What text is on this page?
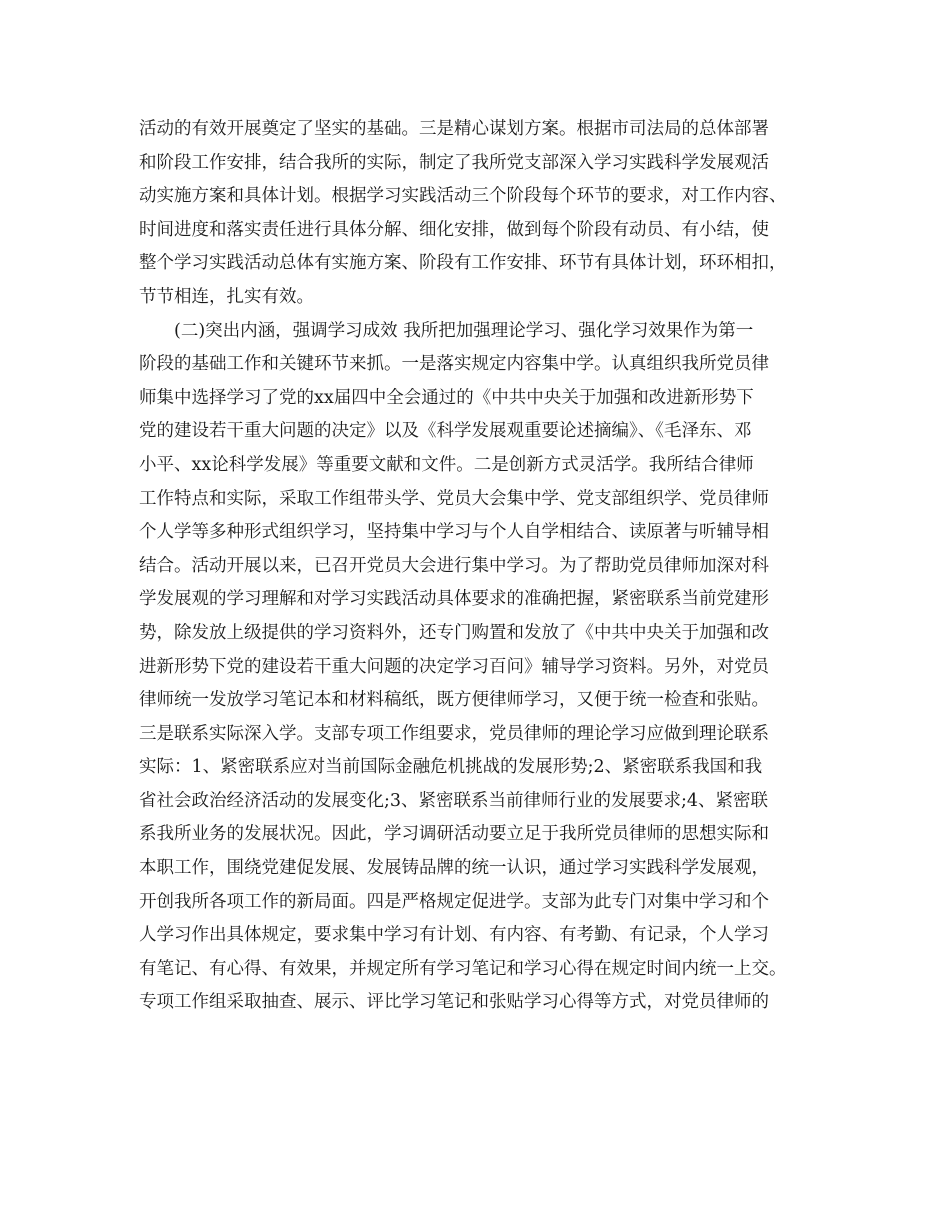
活动的有效开展奠定了坚实的基础。三是精心谋划方案。根据市司法局的总体部署
和阶段工作安排，结合我所的实际，制定了我所党支部深入学习实践科学发展观活
动实施方案和具体计划。根据学习实践活动三个阶段每个环节的要求，对工作内容、
时间进度和落实责任进行具体分解、细化安排，做到每个阶段有动员、有小结，使
整个学习实践活动总体有实施方案、阶段有工作安排、环节有具体计划，环环相扣，
节节相连，扎实有效。
(二)突出内涵，强调学习成效 我所把加强理论学习、强化学习效果作为第一
阶段的基础工作和关键环节来抓。一是落实规定内容集中学。认真组织我所党员律
师集中选择学习了党的xx届四中全会通过的《中共中央关于加强和改进新形势下
党的建设若干重大问题的决定》以及《科学发展观重要论述摘编》、《毛泽东、邓
小平、xx论科学发展》等重要文献和文件。二是创新方式灵活学。我所结合律师
工作特点和实际，采取工作组带头学、党员大会集中学、党支部组织学、党员律师
个人学等多种形式组织学习，坚持集中学习与个人自学相结合、读原著与听辅导相
结合。活动开展以来，已召开党员大会进行集中学习。为了帮助党员律师加深对科
学发展观的学习理解和对学习实践活动具体要求的准确把握，紧密联系当前党建形
势，除发放上级提供的学习资料外，还专门购置和发放了《中共中央关于加强和改
进新形势下党的建设若干重大问题的决定学习百问》辅导学习资料。另外，对党员
律师统一发放学习笔记本和材料稿纸，既方便律师学习，又便于统一检查和张贴。
三是联系实际深入学。支部专项工作组要求，党员律师的理论学习应做到理论联系
实际：1、紧密联系应对当前国际金融危机挑战的发展形势;2、紧密联系我国和我
省社会政治经济活动的发展变化;3、紧密联系当前律师行业的发展要求;4、紧密联
系我所业务的发展状况。因此，学习调研活动要立足于我所党员律师的思想实际和
本职工作，围绕党建促发展、发展铸品牌的统一认识，通过学习实践科学发展观，
开创我所各项工作的新局面。四是严格规定促进学。支部为此专门对集中学习和个
人学习作出具体规定，要求集中学习有计划、有内容、有考勤、有记录，个人学习
有笔记、有心得、有效果，并规定所有学习笔记和学习心得在规定时间内统一上交。
专项工作组采取抽查、展示、评比学习笔记和张贴学习心得等方式，对党员律师的
